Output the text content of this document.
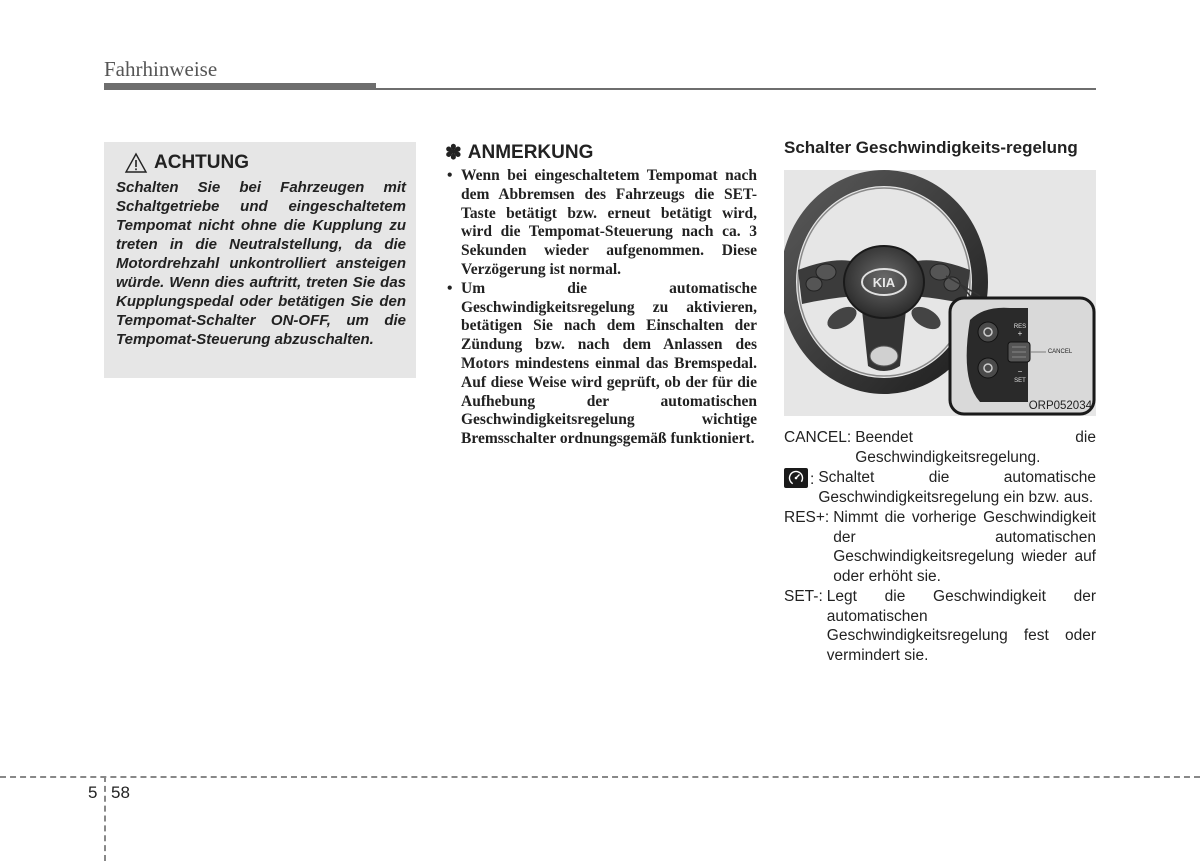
Fahrhinweise
ACHTUNG

Schalten Sie bei Fahrzeugen mit Schaltgetriebe und eingeschaltetem Tempomat nicht ohne die Kupplung zu treten in die Neutralstellung, da die Motordrehzahl unkontrolliert ansteigen würde. Wenn dies auftritt, treten Sie das Kupplungspedal oder betätigen Sie den Tempomat-Schalter ON-OFF, um die Tempomat-Steuerung abzuschalten.

✽ ANMERKUNG
• Wenn bei eingeschaltetem Tempomat nach dem Abbremsen des Fahrzeugs die SET-Taste betätigt bzw. erneut betätigt wird, wird die Tempomat-Steuerung nach ca. 3 Sekunden wieder aufgenommen. Diese Verzögerung ist normal.
• Um die automatische Geschwindigkeitsregelung zu aktivieren, betätigen Sie nach dem Einschalten der Zündung bzw. nach dem Anlassen des Motors mindestens einmal das Bremspedal. Auf diese Weise wird geprüft, ob der für die Aufhebung der automatischen Geschwindigkeitsregelung wichtige Bremsschalter ordnungsgemäß funktioniert.
Schalter Geschwindigkeits-regelung
KIA
RES
+
−
SET
CANCEL
ORP052034
CANCEL: Beendet die Geschwindigkeitsregelung.
: Schaltet die automatische Geschwindigkeitsregelung ein bzw. aus.
RES+: Nimmt die vorherige Geschwindigkeit der automatischen Geschwindigkeitsregelung wieder auf oder erhöht sie.
SET-: Legt die Geschwindigkeit der automatischen Geschwindigkeitsregelung fest oder vermindert sie.
5 58
